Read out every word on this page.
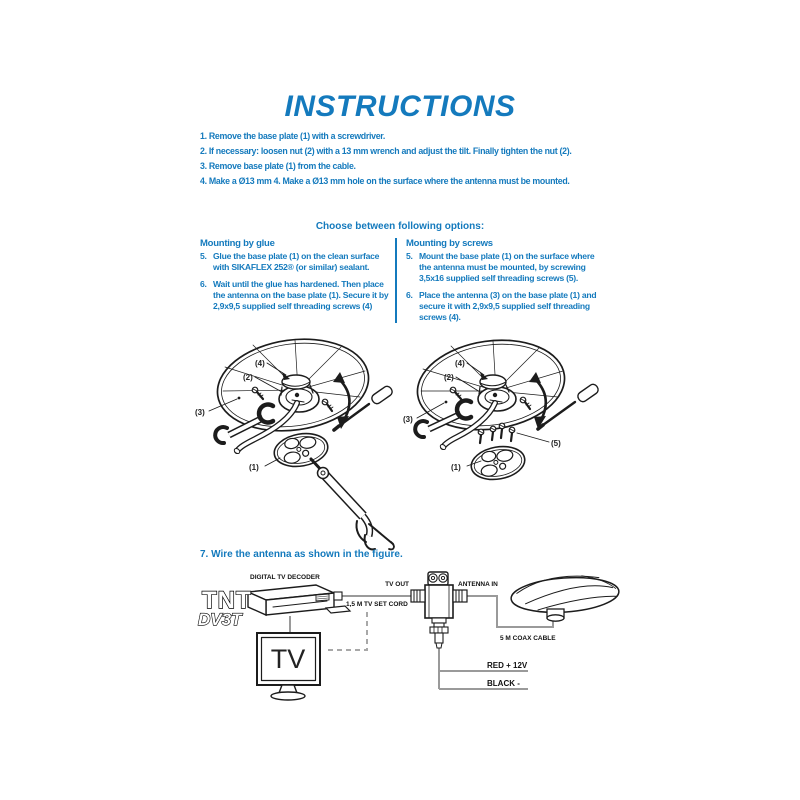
INSTRUCTIONS
1. Remove the base plate (1) with a screwdriver.
2. If necessary: loosen nut (2) with a 13 mm wrench and adjust the tilt. Finally tighten the nut (2).
3. Remove base plate (1) from the cable.
4. Make a Ø13 mm 4. Make a Ø13 mm hole on the surface where the antenna must be mounted.
Choose between following options:
Mounting by glue
5. Glue the base plate (1) on the clean surface with SIKAFLEX 252® (or similar) sealant.
6. Wait until the glue has hardened. Then place the antenna on the base plate (1). Secure it by 2,9x9,5 supplied self threading screws (4)
Mounting by screws
5. Mount the base plate (1) on the surface where the antenna must be mounted, by screwing 3,5x16 supplied self threading screws (5).
6. Place the antenna (3) on the base plate (1) and secure it with 2,9x9,5 supplied self threading screws (4).
(4)
(2)
(3)
(1)
(4)
(2)
(3)
(1)
(5)
7. Wire the antenna as shown in the figure.
DIGITAL TV DECODER
TNT
DV3T
TV
1,5 M TV SET CORD
TV OUT	ANTENNA IN
5 M COAX CABLE
RED + 12V
BLACK -
